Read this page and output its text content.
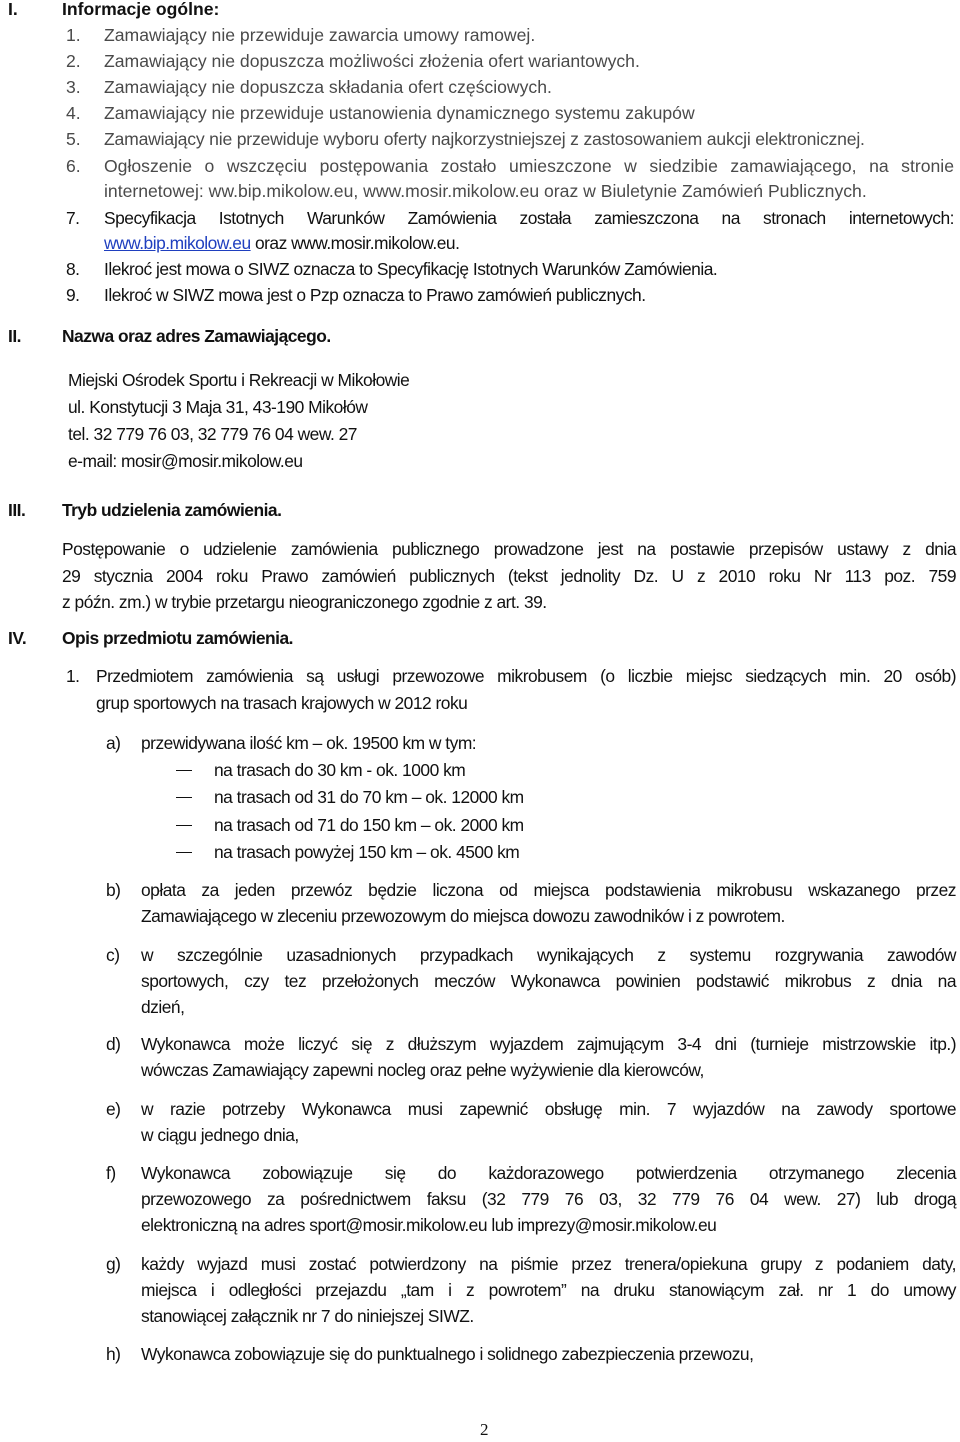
I.	Informacje ogólne:
1. Zamawiający nie przewiduje zawarcia umowy ramowej.
2. Zamawiający nie dopuszcza możliwości złożenia ofert wariantowych.
3. Zamawiający nie dopuszcza składania ofert częściowych.
4. Zamawiający nie przewiduje ustanowienia dynamicznego systemu zakupów
5. Zamawiający nie przewiduje wyboru oferty najkorzystniejszej z zastosowaniem aukcji elektronicznej.
6. Ogłoszenie o wszczęciu postępowania zostało umieszczone w siedzibie zamawiającego, na stronie
internetowej: ww.bip.mikolow.eu, www.mosir.mikolow.eu oraz w Biuletynie Zamówień Publicznych.
7. Specyfikacja Istotnych Warunków Zamówienia została zamieszczona na stronach internetowych:
www.bip.mikolow.eu oraz www.mosir.mikolow.eu.
8. Ilekroć jest mowa o SIWZ oznacza to Specyfikację Istotnych Warunków Zamówienia.
9. Ilekroć w SIWZ mowa jest o Pzp oznacza to Prawo zamówień publicznych.
II. Nazwa oraz adres Zamawiającego.
Miejski Ośrodek Sportu i Rekreacji w Mikołowie
ul. Konstytucji 3 Maja 31, 43-190 Mikołów
tel. 32 779 76 03, 32 779 76 04 wew. 27
e-mail: mosir@mosir.mikolow.eu
III. Tryb udzielenia zamówienia.
Postępowanie o udzielenie zamówienia publicznego prowadzone jest na postawie przepisów ustawy z dnia
29 stycznia 2004 roku Prawo zamówień publicznych (tekst jednolity Dz. U z 2010 roku Nr 113 poz. 759
z późn. zm.) w trybie przetargu nieograniczonego zgodnie z art. 39.
IV. Opis przedmiotu zamówienia.
1. Przedmiotem zamówienia są usługi przewozowe mikrobusem (o liczbie miejsc siedzących min. 20 osób)
grup sportowych na trasach krajowych w 2012 roku
a) przewidywana ilość km – ok. 19500 km w tym:
na trasach do 30 km - ok. 1000 km
na trasach od 31 do 70 km – ok. 12000 km
na trasach od 71 do 150 km – ok. 2000 km
na trasach powyżej 150 km – ok. 4500 km
b) opłata za jeden przewóz będzie liczona od miejsca podstawienia mikrobusu wskazanego przez
Zamawiającego w zleceniu przewozowym do miejsca dowozu zawodników i z powrotem.
c) w szczególnie uzasadnionych przypadkach wynikających z systemu rozgrywania zawodów
sportowych, czy tez przełożonych meczów Wykonawca powinien podstawić mikrobus z dnia na
dzień,
d) Wykonawca może liczyć się z dłuższym wyjazdem zajmującym 3-4 dni (turnieje mistrzowskie itp.)
wówczas Zamawiający zapewni nocleg oraz pełne wyżywienie dla kierowców,
e) w razie potrzeby Wykonawca musi zapewnić obsługę min. 7 wyjazdów na zawody sportowe
w ciągu jednego dnia,
f) Wykonawca zobowiązuje się do każdorazowego potwierdzenia otrzymanego zlecenia
przewozowego za pośrednictwem faksu (32 779 76 03, 32 779 76 04 wew. 27) lub drogą
elektroniczną na adres sport@mosir.mikolow.eu lub imprezy@mosir.mikolow.eu
g) każdy wyjazd musi zostać potwierdzony na piśmie przez trenera/opiekuna grupy z podaniem daty,
miejsca i odległości przejazdu „tam i z powrotem” na druku stanowiącym zał. nr 1 do umowy
stanowiącej załącznik nr 7 do niniejszej SIWZ.
h) Wykonawca zobowiązuje się do punktualnego i solidnego zabezpieczenia przewozu,
2
